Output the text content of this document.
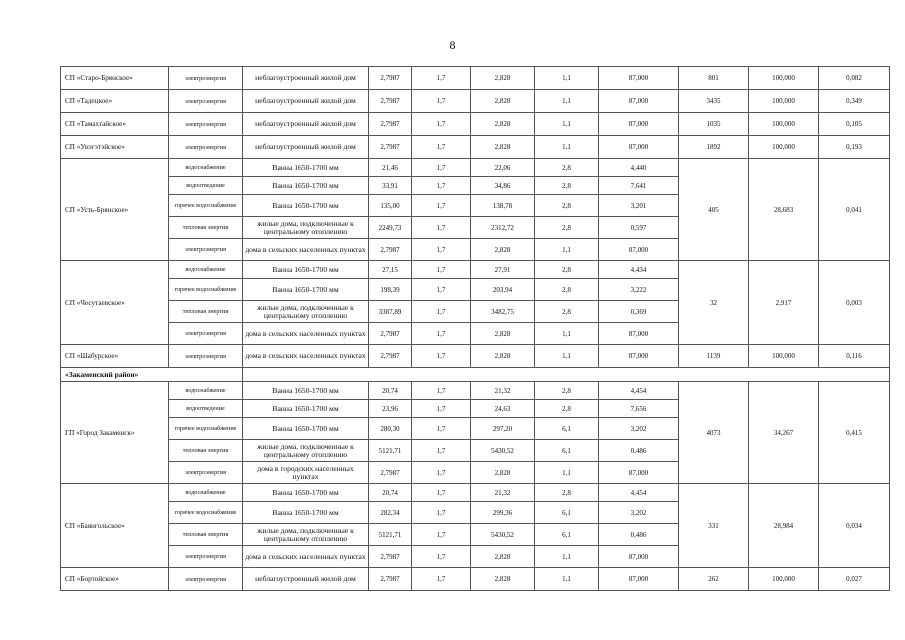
8
СП «Старо-Брянское»	электроэнергия	неблагоустроенный жилой дом	2,7987	1,7	2,828	1,1	87,000	801	100,000	0,082
СП «Тадецкое»	электроэнергия	неблагоустроенный жилой дом	2,7987	1,7	2,828	1,1	87,000	3435	100,000	0,349
СП «Тамахтайское»	электроэнергия	неблагоустроенный жилой дом	2,7987	1,7	2,828	1,1	87,000	1035	100,000	0,105
СП «Унэгэтэйское»	электроэнергия	неблагоустроенный жилой дом	2,7987	1,7	2,828	1,1	87,000	1892	100,000	0,193
СП «Усть-Брянское»	водоснабжение	Ванна 1650-1700 мм	21,46	1,7	22,06	2,8	4,440	405	28,683	0,041
	водоотведение	Ванна 1650-1700 мм	33,91	1,7	34,86	2,8	7,641			
	горячее водоснабжение	Ванна 1650-1700 мм	135,00	1,7	138,78	2,8	3,201			
	тепловая энергия	жилые дома, подключенные к центральному отоплению	2249,73	1,7	2312,72	2,8	0,597			
	электроэнергия	дома в сельских населенных пунктах	2,7987	1,7	2,828	1,1	87,000			
СП «Чесутаевское»	водоснабжение	Ванна 1650-1700 мм	27,15	1,7	27,91	2,8	4,434	32	2,917	0,003
	горячее водоснабжение	Ванна 1650-1700 мм	198,39	1,7	203,94	2,8	3,222			
	тепловая энергия	жилые дома, подключенные к центральному отоплению	3387,89	1,7	3482,75	2,8	0,369			
	электроэнергия	дома в сельских населенных пунктах	2,7987	1,7	2,828	1,1	87,000			
СП «Шабурское»	электроэнергия	дома в сельских населенных пунктах	2,7987	1,7	2,828	1,1	87,000	1139	100,000	0,116
«Закаменский район»										
ГП «Город Закаменск»	водоснабжение	Ванна 1650-1700 мм	20,74	1,7	21,32	2,8	4,454	4073	34,267	0,415
	водоотведение	Ванна 1650-1700 мм	23,96	1,7	24,63	2,8	7,656			
	горячее водоснабжение	Ванна 1650-1700 мм	280,30	1,7	297,20	6,1	3,202			
	тепловая энергия	жилые дома, подключенные к центральному отоплению	5121,71	1,7	5430,52	6,1	0,486			
	электроэнергия	дома в городских населенных пунктах	2,7987	1,7	2,828	1,1	87,000			
СП «Баянгольское»	водоснабжение	Ванна 1650-1700 мм	20,74	1,7	21,32	2,8	4,454	331	28,984	0,034
	горячее водоснабжение	Ванна 1650-1700 мм	282,34	1,7	299,36	6,1	3,202			
	тепловая энергия	жилые дома, подключенные к центральному отоплению	5121,71	1,7	5430,52	6,1	0,486			
	электроэнергия	дома в сельских населенных пунктах	2,7987	1,7	2,828	1,1	87,000			
СП «Бортойское»	электроэнергия	неблагоустроенный жилой дом	2,7987	1,7	2,828	1,1	87,000	262	100,000	0,027
